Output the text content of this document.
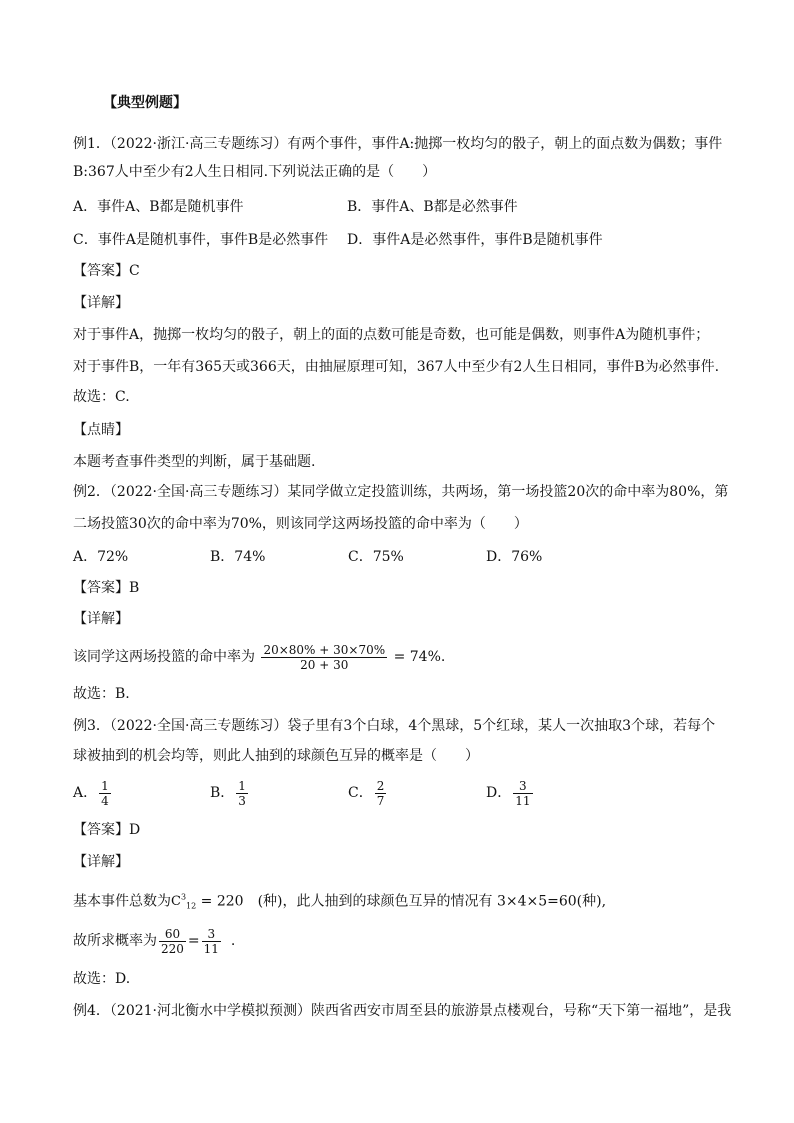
【典型例题】
例1．（2022·浙江·高三专题练习）有两个事件，事件A:抛掷一枚均匀的骰子，朝上的面点数为偶数；事件
B:367人中至少有2人生日相同.下列说法正确的是（　　）
A．事件A、B都是随机事件	B．事件A、B都是必然事件
C．事件A是随机事件，事件B是必然事件 D．事件A是必然事件，事件B是随机事件
【答案】C
【详解】
对于事件A，抛掷一枚均匀的骰子，朝上的面的点数可能是奇数，也可能是偶数，则事件A为随机事件；
对于事件B，一年有365天或366天，由抽屉原理可知，367人中至少有2人生日相同，事件B为必然事件.
故选：C.
【点睛】
本题考查事件类型的判断，属于基础题.
例2．（2022·全国·高三专题练习）某同学做立定投篮训练，共两场，第一场投篮20次的命中率为80%，第
二场投篮30次的命中率为70%，则该同学这两场投篮的命中率为（　　）
A．72%	B．74%	C．75%	D．76%
【答案】B
【详解】
该同学这两场投篮的命中率为 $\frac{20\times 80\% + 30\times 70\%}{20 + 30} = 74\%$.
故选：B.
例3．（2022·全国·高三专题练习）袋子里有3个白球，4个黑球，5个红球，某人一次抽取3个球，若每个
球被抽到的机会均等，则此人抽到的球颜色互异的概率是（　　）
A． $\frac{1}{4}$	B． $\frac{1}{3}$	C． $\frac{2}{7}$	D． $\frac{3}{11}$
【答案】D
【详解】
基本事件总数为$C^3_{12} = 220$　(种)，此人抽到的球颜色互异的情况有 3×4×5=60(种),
故所求概率为 $\frac{60}{220} = \frac{3}{11}$ .
故选：D.
例4．（2021·河北衡水中学模拟预测）陕西省西安市周至县的旅游景点楼观台，号称“天下第一福地”，是我
